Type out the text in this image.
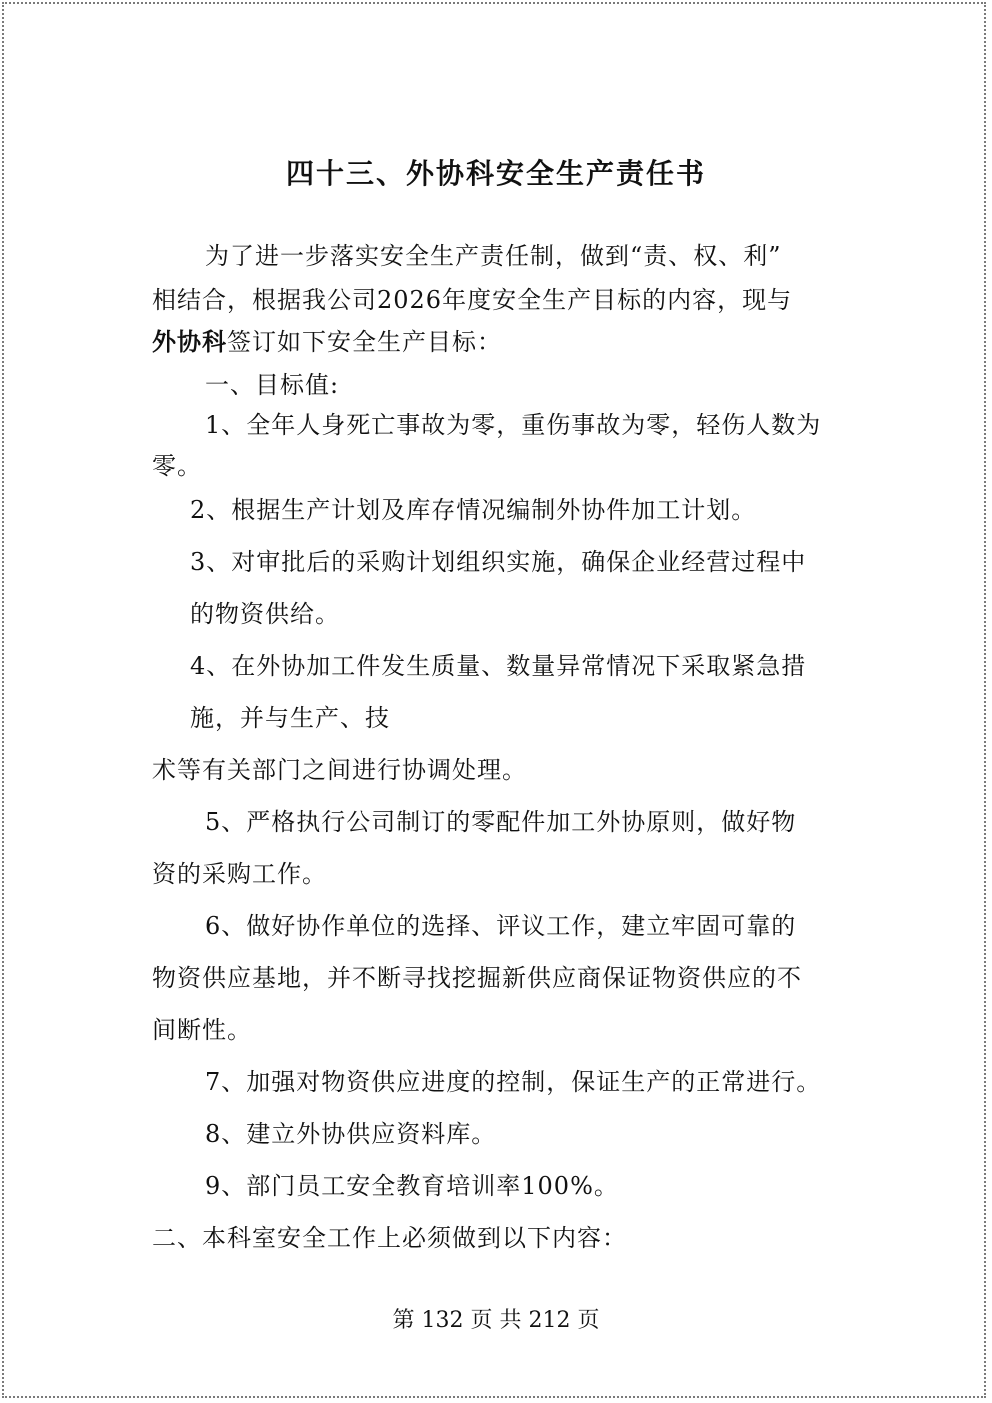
四十三、外协科安全生产责任书
为了进一步落实安全生产责任制，做到“责、权、利”
相结合，根据我公司2026年度安全生产目标的内容，现与
外协科签订如下安全生产目标：
一、目标值:
1、全年人身死亡事故为零，重伤事故为零，轻伤人数为
零。
2、根据生产计划及库存情况编制外协件加工计划。
3、对审批后的采购计划组织实施，确保企业经营过程中
的物资供给。
4、在外协加工件发生质量、数量异常情况下采取紧急措
施，并与生产、技
术等有关部门之间进行协调处理。
5、严格执行公司制订的零配件加工外协原则，做好物
资的采购工作。
6、做好协作单位的选择、评议工作，建立牢固可靠的
物资供应基地，并不断寻找挖掘新供应商保证物资供应的不
间断性。
7、加强对物资供应进度的控制，保证生产的正常进行。
8、建立外协供应资料库。
9、部门员工安全教育培训率100%。
二、本科室安全工作上必须做到以下内容：
第 132 页 共 212 页
